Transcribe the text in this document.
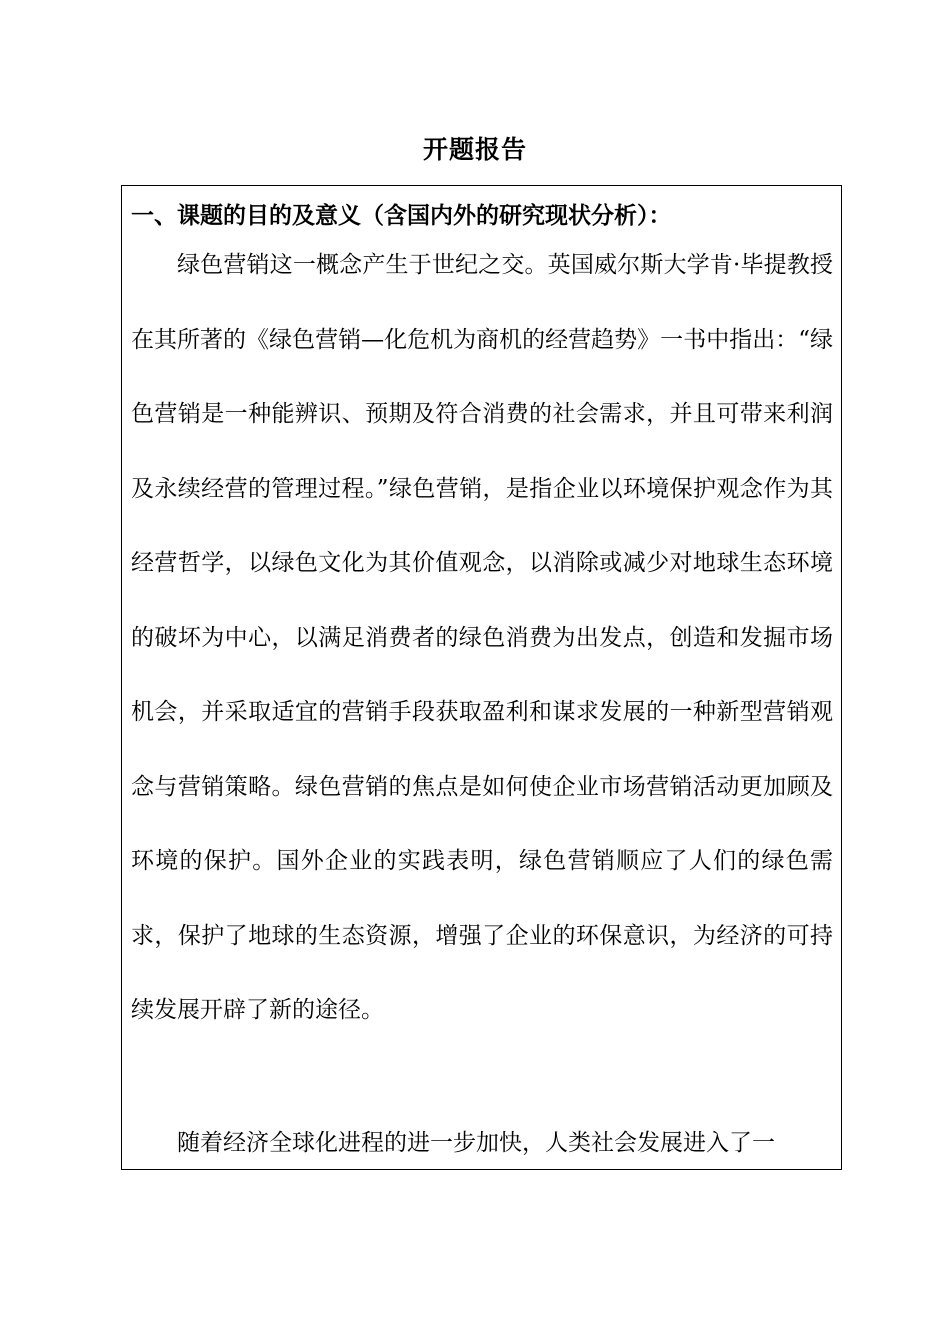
开题报告
一、课题的目的及意义（含国内外的研究现状分析）：

绿色营销这一概念产生于世纪之交。英国威尔斯大学肯·毕提教授在其所著的《绿色营销—化危机为商机的经营趋势》一书中指出：“绿色营销是一种能辨识、预期及符合消费的社会需求，并且可带来利润及永续经营的管理过程。”绿色营销，是指企业以环境保护观念作为其经营哲学，以绿色文化为其价值观念，以消除或减少对地球生态环境的破坏为中心，以满足消费者的绿色消费为出发点，创造和发掘市场机会，并采取适宜的营销手段获取盈利和谋求发展的一种新型营销观念与营销策略。绿色营销的焦点是如何使企业市场营销活动更加顾及环境的保护。国外企业的实践表明，绿色营销顺应了人们的绿色需求，保护了地球的生态资源，增强了企业的环保意识，为经济的可持续发展开辟了新的途径。

随着经济全球化进程的进一步加快，人类社会发展进入了一
